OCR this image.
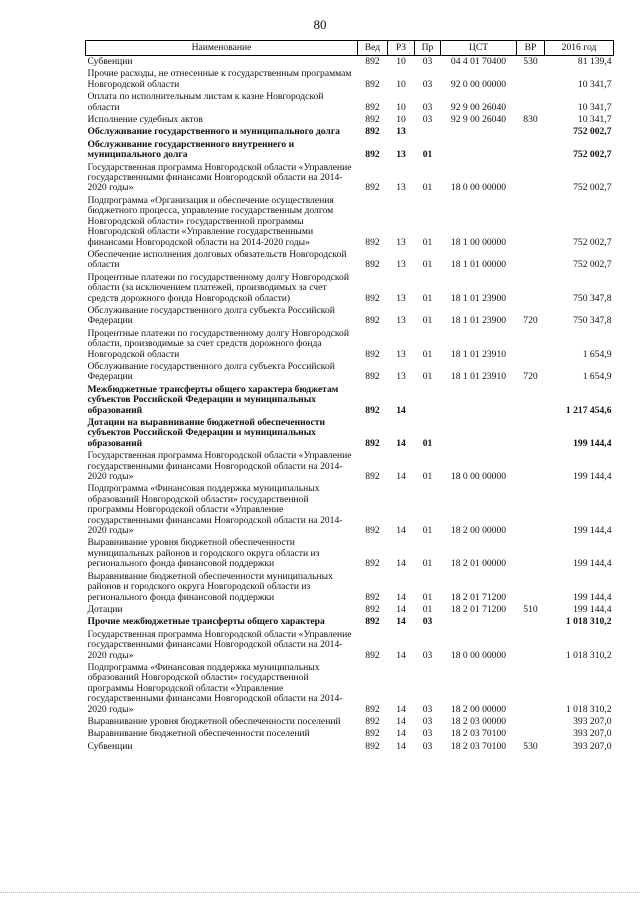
80
Наименование	Вед	РЗ	Пр	ЦСТ	ВР	2016 год
Субвенции	892	10	03	04 4 01 70400	530	81 139,4
Прочие расходы, не отнесенные к государственным программам Новгородской области	892	10	03	92 0 00 00000		10 341,7
Оплата по исполнительным листам к казне Новгородской области	892	10	03	92 9 00 26040		10 341,7
Исполнение судебных актов	892	10	03	92 9 00 26040	830	10 341,7
Обслуживание государственного и муниципального долга	892	13				752 002,7
Обслуживание государственного внутреннего и муниципального долга	892	13	01			752 002,7
Государственная программа Новгородской области «Управление государственными финансами Новгородской области на 2014-2020 годы»	892	13	01	18 0 00 00000		752 002,7
Подпрограмма «Организация и обеспечение осуществления бюджетного процесса, управление государственным долгом Новгородской области» государственной программы Новгородской области «Управление государственными финансами Новгородской области на 2014-2020 годы»	892	13	01	18 1 00 00000		752 002,7
Обеспечение исполнения долговых обязательств Новгородской области	892	13	01	18 1 01 00000		752 002,7
Процентные платежи по государственному долгу Новгородской области (за исключением платежей, производимых за счет средств дорожного фонда Новгородской области)	892	13	01	18 1 01 23900		750 347,8
Обслуживание государственного долга субъекта Российской Федерации	892	13	01	18 1 01 23900	720	750 347,8
Процентные платежи по государственному долгу Новгородской области, производимые за счет средств дорожного фонда Новгородской области	892	13	01	18 1 01 23910		1 654,9
Обслуживание государственного долга субъекта Российской Федерации	892	13	01	18 1 01 23910	720	1 654,9
Межбюджетные трансферты общего характера бюджетам субъектов Российской Федерации и муниципальных образований	892	14				1 217 454,6
Дотации на выравнивание бюджетной обеспеченности субъектов Российской Федерации и муниципальных образований	892	14	01			199 144,4
Государственная программа Новгородской области «Управление государственными финансами Новгородской области на 2014-2020 годы»	892	14	01	18 0 00 00000		199 144,4
Подпрограмма «Финансовая поддержка муниципальных образований Новгородской области» государственной программы Новгородской области «Управление государственными финансами Новгородской области на 2014-2020 годы»	892	14	01	18 2 00 00000		199 144,4
Выравнивание уровня бюджетной обеспеченности муниципальных районов и городского округа области из регионального фонда финансовой поддержки	892	14	01	18 2 01 00000		199 144,4
Выравнивание бюджетной обеспеченности муниципальных районов и городского округа Новгородской области из регионального фонда финансовой поддержки	892	14	01	18 2 01 71200		199 144,4
Дотации	892	14	01	18 2 01 71200	510	199 144,4
Прочие межбюджетные трансферты общего характера	892	14	03			1 018 310,2
Государственная программа Новгородской области «Управление государственными финансами Новгородской области на 2014-2020 годы»	892	14	03	18 0 00 00000		1 018 310,2
Подпрограмма «Финансовая поддержка муниципальных образований Новгородской области» государственной программы Новгородской области «Управление государственными финансами Новгородской области на 2014-2020 годы»	892	14	03	18 2 00 00000		1 018 310,2
Выравнивание уровня бюджетной обеспеченности поселений	892	14	03	18 2 03 00000		393 207,0
Выравнивание бюджетной обеспеченности поселений	892	14	03	18 2 03 70100		393 207,0
Субвенции	892	14	03	18 2 03 70100	530	393 207,0
